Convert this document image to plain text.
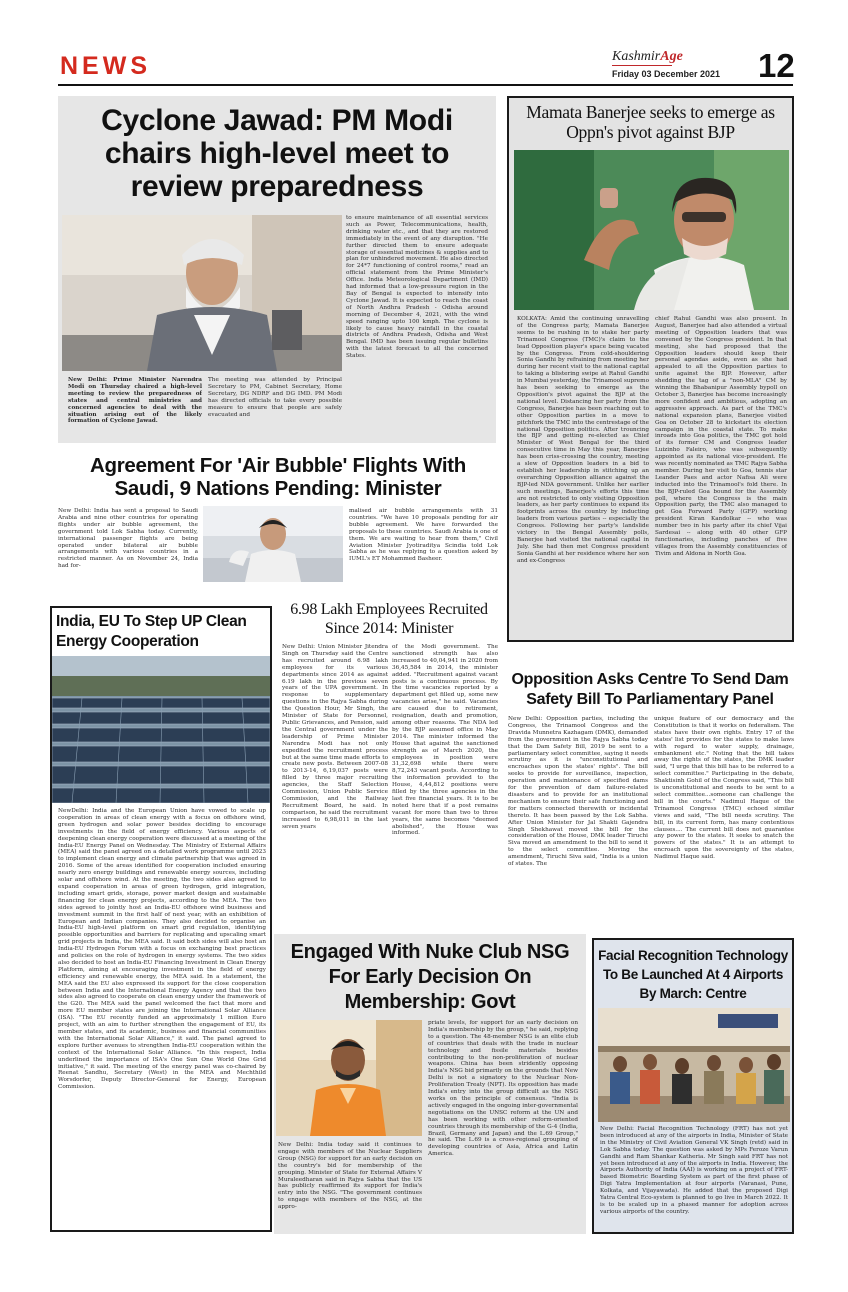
NEWS	KashmirAge
Friday 03 December 2021 12
Cyclone Jawad: PM Modi chairs high-level meet to review preparedness
New Delhi: Prime Minister Narendra Modi on Thursday chaired a high-level meeting to review the preparedness of states and central ministries and concerned agencies to deal with the situation arising out of the likely formation of Cyclone Jawad.
The meeting was attended by Principal Secretary to PM, Cabinet Secretary, Home Secretary, DG NDRF and DG IMD. PM Modi has directed officials to take every possible measure to ensure that people are safely evacuated and
to ensure maintenance of all essential services such as Power, Telecommunications, health, drinking water etc., and that they are restored immediately in the event of any disruption. "He further directed them to ensure adequate storage of essential medicines & supplies and to plan for unhindered movement. He also directed for 24*7 functioning of control rooms," read an official statement from the Prime Minister's Office. India Meteorological Department (IMD) had informed that a low-pressure region in the Bay of Bengal is expected to intensify into Cyclone Jawad. It is expected to reach the coast of North Andhra Pradesh - Odisha around morning of December 4, 2021, with the wind speed ranging upto 100 kmph. The cyclone is likely to cause heavy rainfall in the coastal districts of Andhra Pradesh, Odisha and West Bengal. IMD has been issuing regular bulletins with the latest forecast to all the concerned States.
Mamata Banerjee seeks to emerge as Oppn's pivot against BJP
KOLKATA: Amid the continuing unravelling of the Congress party, Mamata Banerjee seems to be rushing in to stake her party Trinamool Congress (TMC)'s claim to the lead Opposition player's space being vacated by the Congress. From cold-shouldering Sonia Gandhi by refraining from meeting her during her recent visit to the national capital to taking a blistering swipe at Rahul Gandhi in Mumbai yesterday, the Trinamool supremo has been seeking to emerge as the Opposition's pivot against the BJP at the national level. Distancing her party from the Congress, Banerjee has been reaching out to other Opposition parties in a move to pitchfork the TMC into the centrestage of the national Opposition politics. After trouncing the BJP and getting re-elected as Chief Minister of West Bengal for the third consecutive time in May this year, Banerjee has been criss-crossing the country, meeting a slew of Opposition leaders in a bid to establish her leadership in stitching up an overarching Opposition alliance against the BJP-led NDA government. Unlike her earlier such meetings, Banerjee's efforts this time are not restricted to only visiting Opposition leaders, as her party continues to expand its footprints across the country by inducting leaders from various parties -- especially the Congress. Following her party's landslide victory in the Bengal Assembly polls, Banerjee had visited the national capital in July. She had then met Congress president Sonia Gandhi at her residence where her son and ex-Congress
chief Rahul Gandhi was also present. In August, Banerjee had also attended a virtual meeting of Opposition leaders that was convened by the Congress president. In that meeting, she had proposed that the Opposition leaders should keep their personal agendas aside, even as she had appealed to all the Opposition parties to unite against the BJP. However, after shedding the tag of a "non-MLA" CM by winning the Bhabanipur Assembly bypoll on October 3, Banerjee has become increasingly more confident and ambitious, adopting an aggressive approach. As part of the TMC's national expansion plans, Banerjee visited Goa on October 28 to kickstart its election campaign in the coastal state. To make inroads into Goa politics, the TMC got hold of its former CM and Congress leader Luizinho Faleiro, who was subsequently appointed as its national vice-president. He was recently nominated as TMC Rajya Sabha member. During her visit to Goa, tennis star Leander Paes and actor Nafisa Ali were inducted into the Trinamool's fold there. In the BJP-ruled Goa bound for the Assembly poll, where the Congress is the main Opposition party, the TMC also managed to get Goa Forward Party (GFP) working president Kiran Kandolkar -- who was number two in his party after its chief Vijai Sardesai -- along with 40 other GFP functionaries, including panches of five villages from the Assembly constituencies of Tivim and Aldona in North Goa.
Agreement For 'Air Bubble' Flights With Saudi, 9 Nations Pending: Minister
New Delhi: India has sent a proposal to Saudi Arabia and nine other countries for operating flights under air bubble agreement, the government told Lok Sabha today. Currently, international passenger flights are being operated under bilateral air bubble arrangements with various countries in a restricted manner. As on November 24, India had for-
malised air bubble arrangements with 31 countries. "We have 10 proposals pending for air bubble agreement. We have forwarded the proposals to these countries. Saudi Arabia is one of them. We are waiting to hear from them," Civil Aviation Minister Jyotiraditya Scindia told Lok Sabha as he was replying to a question asked by IUML's ET Mohammed Basheer.
India, EU To Step UP Clean Energy Cooperation
NewDelhi: India and the European Union have vowed to scale up cooperation in areas of clean energy with a focus on offshore wind, green hydrogen and solar power besides deciding to encourage investments in the field of energy efficiency. Various aspects of deepening clean energy cooperation were discussed at a meeting of the India-EU Energy Panel on Wednesday. The Ministry of External Affairs (MEA) said the panel agreed on a detailed work programme until 2023 to implement clean energy and climate partnership that was agreed in 2016. Some of the areas identified for cooperation included ensuring nearly zero energy buildings and renewable energy sources, including solar and offshore wind. At the meeting, the two sides also agreed to expand cooperation in areas of green hydrogen, grid integration, including smart grids, storage, power market design and sustainable financing for clean energy projects, according to the MEA. The two sides agreed to jointly host an India-EU offshore wind business and investment summit in the first half of next year, with an exhibition of European and Indian companies. They also decided to organise an India-EU high-level platform on smart grid regulation, identifying possible opportunities and barriers for replicating and upscaling smart grid projects in India, the MEA said. It said both sides will also host an India-EU Hydrogen Forum with a focus on exchanging best practices and policies on the role of hydrogen in energy systems. The two sides also decided to host an India-EU Financing Investment in Clean Energy Platform, aiming at encouraging investment in the field of energy efficiency and renewable energy, the MEA said. In a statement, the MEA said the EU also expressed its support for the close cooperation between India and the International Energy Agency and that the two sides also agreed to cooperate on clean energy under the framework of the G20. The MEA said the panel welcomed the fact that more and more EU member states are joining the International Solar Alliance (ISA). "The EU recently funded an approximately 1 million Euro project, with an aim to further strengthen the engagement of EU, its member states, and its academic, business and financial communities with the International Solar Alliance," it said. The panel agreed to explore further avenues to strengthen India-EU cooperation within the context of the International Solar Alliance. "In this respect, India underlined the importance of ISA's One Sun One World One Grid initiative," it said. The meeting of the energy panel was co-chaired by Reenat Sandhu, Secretary (West) in the MEA and Mechthild Worsdorfer, Deputy Director-General for Energy, European Commission.
6.98 Lakh Employees Recruited Since 2014: Minister
New Delhi: Union Minister Jitendra Singh on Thursday said the Centre has recruited around 6.98 lakh employees for its various departments since 2014 as against 6.19 lakh in the previous seven years of the UPA government. In response to supplementary questions in the Rajya Sabha during the Question Hour, Mr Singh, the Minister of State for Personnel, Public Grievances, and Pension, said the Central government under the leadership of Prime Minister Narendra Modi has not only expedited the recruitment process but at the same time made efforts to create new posts. Between 2007-08 to 2013-14, 6,19,037 posts were filled by three major recruiting agencies, the Staff Selection Commission, Union Public Service Commission, and the Railway Recruitment Board, he said. In comparison, he said the recruitment increased to 6,98,011 in the last seven years
of the Modi government. The sanctioned strength has also increased to 40,04,941 in 2020 from 36,45,584 in 2014, the minister added. "Recruitment against vacant posts is a continuous process. By the time vacancies reported by a department get filled up, some new vacancies arise," he said. Vacancies are caused due to retirement, resignation, death and promotion, among other reasons. The NDA led by the BJP assumed office in May 2014. The minister informed the House that against the sanctioned strength as of March 2020, the employees in position were 31,32,698 while there were 8,72,243 vacant posts. According to the information provided to the House, 4,44,812 positions were filled by the three agencies in the last five financial years. It is to be noted here that if a post remains vacant for more than two to three years, the same becomes "deemed abolished", the House was informed.
Opposition Asks Centre To Send Dam Safety Bill To Parliamentary Panel
New Delhi: Opposition parties, including the Congress, the Trinamool Congress and the Dravida Munnetra Kazhagam (DMK), demanded from the government in the Rajya Sabha today that the Dam Safety Bill, 2019 be sent to a parliamentary select committee, saying it needs scrutiny as it is "unconstitutional and encroaches upon the states' rights". The bill seeks to provide for surveillance, inspection, operation and maintenance of specified dams for the prevention of dam failure-related disasters and to provide for an institutional mechanism to ensure their safe functioning and for matters connected therewith or incidental thereto. It has been passed by the Lok Sabha. After Union Minister for Jal Shakti Gajendra Singh Shekhawat moved the bill for the consideration of the House, DMK leader Tiruchi Siva moved an amendment to the bill to send it to the select committee. Moving the amendment, Tiruchi Siva said, "India is a union of states. The
unique feature of our democracy and the Constitution is that it works on federalism. The states have their own rights. Entry 17 of the states' list provides for the states to make laws with regard to water supply, drainage, embankment etc." Noting that the bill takes away the rights of the states, the DMK leader said, "I urge that this bill has to be referred to a select committee." Participating in the debate, Shaktisinh Gohil of the Congress said, "This bill is unconstitutional and needs to be sent to a select committee...someone can challenge the bill in the courts." Nadimul Haque of the Trinamool Congress (TMC) echoed similar views and said, "The bill needs scrutiny. The bill, in its current form, has many contentious clauses.... The current bill does not guarantee any power to the states. It seeks to snatch the powers of the states." It is an attempt to encroach upon the sovereignty of the states, Nadimul Haque said.
Engaged With Nuke Club NSG For Early Decision On Membership: Govt
New Delhi: India today said it continues to engage with members of the Nuclear Suppliers Group (NSG) for support for an early decision on the country's bid for membership of the grouping. Minister of State for External Affairs V Muraleedharan said in Rajya Sabha that the US has publicly reaffirmed its support for India's entry into the NSG. "The government continues to engage with members of the NSG, at the appro-
priate levels, for support for an early decision on India's membership by the group," he said, replying to a question. The 48-member NSG is an elite club of countries that deals with the trade in nuclear technology and fissile materials besides contributing to the non-proliferation of nuclear weapons. China has been stridently opposing India's NSG bid primarily on the grounds that New Delhi is not a signatory to the Nuclear Non-Proliferation Treaty (NPT). Its opposition has made India's entry into the group difficult as the NSG works on the principle of consensus. "India is actively engaged in the ongoing inter-governmental negotiations on the UNSC reform at the UN and has been working with other reform-oriented countries through its membership of the G-4 (India, Brazil, Germany and Japan) and the L.69 Group," he said. The L.69 is a cross-regional grouping of developing countries of Asia, Africa and Latin America.
Facial Recognition Technology To Be Launched At 4 Airports By March: Centre
New Delhi: Facial Recognition Technology (FRT) has not yet been introduced at any of the airports in India, Minister of State in the Ministry of Civil Aviation General VK Singh (retd) said in Lok Sabha today. The question was asked by MPs Feroze Varun Gandhi and Ram Shankar Katheria. Mr Singh said FRT has not yet been introduced at any of the airports in India. However, the Airports Authority of India (AAI) is working on a project of FRT-based Biometric Boarding System as part of the first phase of Digi Yatra Implementation at four airports (Varanasi, Pune, Kolkata, and Vijayawada). He added that the proposed Digi Yatra Central Eco-system is planned to go live in March 2022. It is to be scaled up in a phased manner for adoption across various airports of the country.
